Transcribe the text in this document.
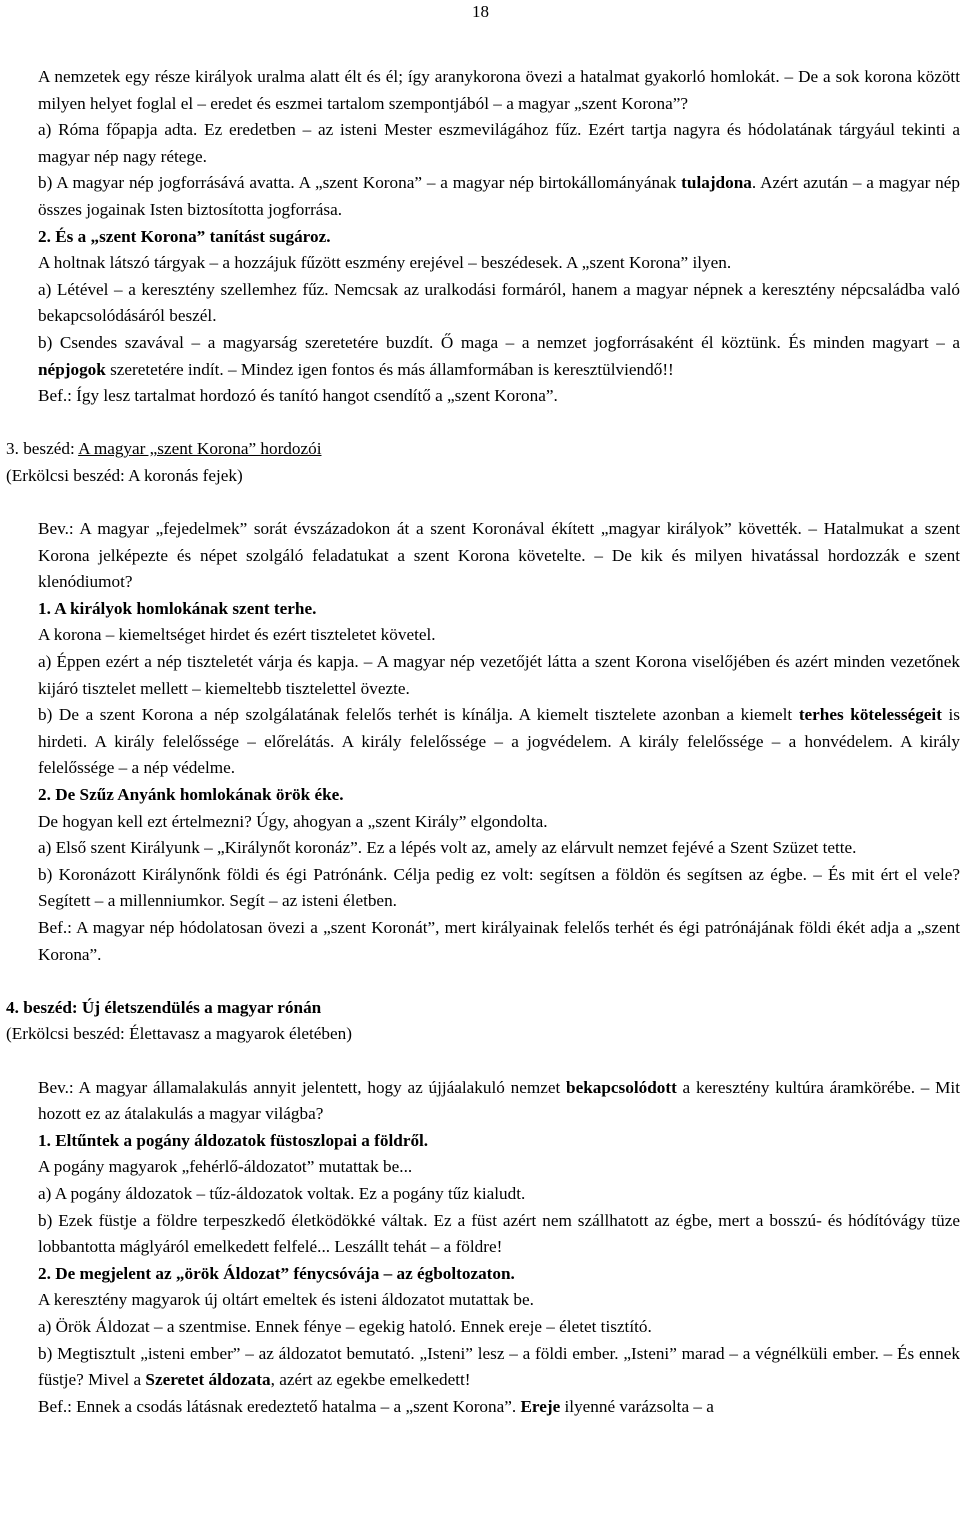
18
A nemzetek egy része királyok uralma alatt élt és él; így aranykorona övezi a hatalmat gyakorló homlokát. – De a sok korona között milyen helyet foglal el – eredet és eszmei tartalom szempontjából – a magyar „szent Korona”?
a) Róma főpapja adta. Ez eredetben – az isteni Mester eszmevilágához fűz. Ezért tartja nagyra és hódolatának tárgyául tekinti a magyar nép nagy rétege.
b) A magyar nép jogforrásává avatta. A „szent Korona” – a magyar nép birtokállományának tulajdona. Azért azután – a magyar nép összes jogainak Isten biztosította jogforrása.
2. És a „szent Korona” tanítást sugároz.
A holtnak látszó tárgyak – a hozzájuk fűzött eszmény erejével – beszédesek. A „szent Korona” ilyen.
a) Létével – a keresztény szellemhez fűz. Nemcsak az uralkodási formáról, hanem a magyar népnek a keresztény népcsaládba való bekapcsolódásáról beszél.
b) Csendes szavával – a magyarság szeretetére buzdít. Ő maga – a nemzet jogforrásaként él köztünk. És minden magyart – a népjogok szeretetére indít. – Mindez igen fontos és más államformában is keresztülviendő!!
Bef.: Így lesz tartalmat hordozó és tanító hangot csendítő a „szent Korona”.
3. beszéd: A magyar „szent Korona” hordozói
(Erkölcsi beszéd: A koronás fejek)
Bev.: A magyar „fejedelmek” sorát évszázadokon át a szent Koronával ékített „magyar királyok” követték. – Hatalmukat a szent Korona jelképezte és népet szolgáló feladatukat a szent Korona követelte. – De kik és milyen hivatással hordozzák e szent klenódiumot?
1. A királyok homlokának szent terhe.
A korona – kiemeltséget hirdet és ezért tiszteletet követel.
a) Éppen ezért a nép tiszteletét várja és kapja. – A magyar nép vezetőjét látta a szent Korona viselőjében és azért minden vezetőnek kijáró tisztelet mellett – kiemeltebb tisztelettel övezte.
b) De a szent Korona a nép szolgálatának felelős terhét is kínálja. A kiemelt tisztelete azonban a kiemelt terhes kötelességeit is hirdeti. A király felelőssége – előrelátás. A király felelőssége – a jogvédelem. A király felelőssége – a honvédelem. A király felelőssége – a nép védelme.
2. De Szűz Anyánk homlokának örök éke.
De hogyan kell ezt értelmezni? Úgy, ahogyan a „szent Király” elgondolta.
a) Első szent Királyunk – „Királynőt koronáz”. Ez a lépés volt az, amely az elárvult nemzet fejévé a Szent Szüzet tette.
b) Koronázott Királynőnk földi és égi Patrónánk. Célja pedig ez volt: segítsen a földön és segítsen az égbe. – És mit ért el vele? Segített – a millenniumkor. Segít – az isteni életben.
Bef.: A magyar nép hódolatosan övezi a „szent Koronát”, mert királyainak felelős terhét és égi patrónájának földi ékét adja a „szent Korona”.
4. beszéd: Új életszendülés a magyar rónán
(Erkölcsi beszéd: Élettavasz a magyarok életében)
Bev.: A magyar államalakulás annyit jelentett, hogy az újjáalakuló nemzet bekapcsolódott a keresztény kultúra áramkörébe. – Mit hozott ez az átalakulás a magyar világba?
1. Eltűntek a pogány áldozatok füstoszlopai a földről.
A pogány magyarok „fehérlő-áldozatot” mutattak be...
a) A pogány áldozatok – tűz-áldozatok voltak. Ez a pogány tűz kialudt.
b) Ezek füstje a földre terpeszkedő életködökké váltak. Ez a füst azért nem szállhatott az égbe, mert a bosszú- és hódítóvágy tüze lobbantotta máglyáról emelkedett felfelé... Leszállt tehát – a földre!
2. De megjelent az „örök Áldozat” fénycsóvája – az égboltozaton.
A keresztény magyarok új oltárt emeltek és isteni áldozatot mutattak be.
a) Örök Áldozat – a szentmise. Ennek fénye – egekig hatoló. Ennek ereje – életet tisztító.
b) Megtisztult „isteni ember” – az áldozatot bemutató. „Isteni” lesz – a földi ember. „Isteni” marad – a végnélküli ember. – És ennek füstje? Mivel a Szeretet áldozata, azért az egekbe emelkedett!
Bef.: Ennek a csodás látásnak eredeztető hatalma – a „szent Korona”. Ereje ilyenné varázsolta – a
